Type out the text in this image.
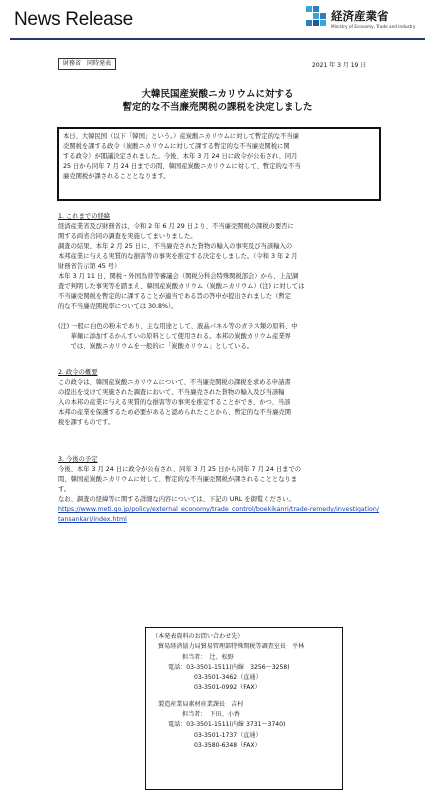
News Release	経済産業省
Ministry of Economy, Trade and Industry
財務省　同時発表	2021 年 3 月 19 日
大韓民国産炭酸ニカリウムに対する
暫定的な不当廉売関税の課税を決定しました
本日、大韓民国（以下「韓国」という。）産炭酸ニカリウムに対して暫定的な不当廉
売関税を課する政令（炭酸ニカリウムに対して課する暫定的な不当廉売関税に関
する政令）が閣議決定されました。今後、本年 3 月 24 日に政令が公布され、同月
25 日から同年 7 月 24 日までの間、韓国産炭酸ニカリウムに対して、暫定的な不当
廉売関税が課されることとなります。

1. これまでの経緯

経済産業省及び財務省は、令和 2 年 6 月 29 日より、不当廉売関税の課税の要否に

関する両省合同の調査を実施してまいりました。

調査の結果、本年 2 月 25 日に、不当廉売された貨物の輸入の事実及び当該輸入の

本邦産業に与える実質的な損害等の事実を推定する決定をしました。（令和 3 年 2 月

財務省告示第 45 号）

本年 3 月 11 日、関税・外国為替等審議会（関税分科会特殊関税部会）から、上記調

査で判明した事実等を踏まえ、韓国産炭酸カリウム（炭酸ニカリウム）(注) に対しては

不当廉売関税を暫定的に課することが適当である旨の答申が提出されました（暫定

的な不当廉売関税率については 30.8%）。

(注) 一般に白色の粉末であり、主な用途として、液晶パネル等のガラス類の原料、中

　　華麺に添加するかんすいの原料として使用される。本邦の炭酸カリウム産業界

　　では、炭酸ニカリウムを一般的に「炭酸カリウム」としている。

2. 政令の概要

この政令は、韓国産炭酸ニカリウムについて、不当廉売関税の課税を求める申請書

の提出を受けて実施された調査において、不当廉売された貨物の輸入及び当該輸

入の本邦の産業に与える実質的な損害等の事実を推定することができ、かつ、当該

本邦の産業を保護するため必要があると認められたことから、暫定的な不当廉売関

税を課すものです。

3. 今後の予定

今後、本年 3 月 24 日に政令が公布され、同年 3 月 25 日から同年 7 月 24 日までの

間、韓国産炭酸ニカリウムに対して、暫定的な不当廉売関税が課されることとなりま

す。

なお、調査の経緯等に関する詳細な内容については、下記の URL を御覧ください。

https://www.meti.go.jp/policy/external_economy/trade_control/boekikanri/trade-remedy/investigation/tansankari/index.html

（本発表資料のお問い合わせ先）

貿易経済協力局貿易管理部特殊関税等調査室長　平林

担当者：　辻、松野

電話：03-3501-1511(内線　3256～3258)

03-3501-3462（直通）

03-3501-0992（FAX）

製造産業局素材産業課長　吉村

担当者：　下田、小香

電話：03-3501-1511(内線 3731～3740)

03-3501-1737（直通）

03-3580-6348（FAX）
